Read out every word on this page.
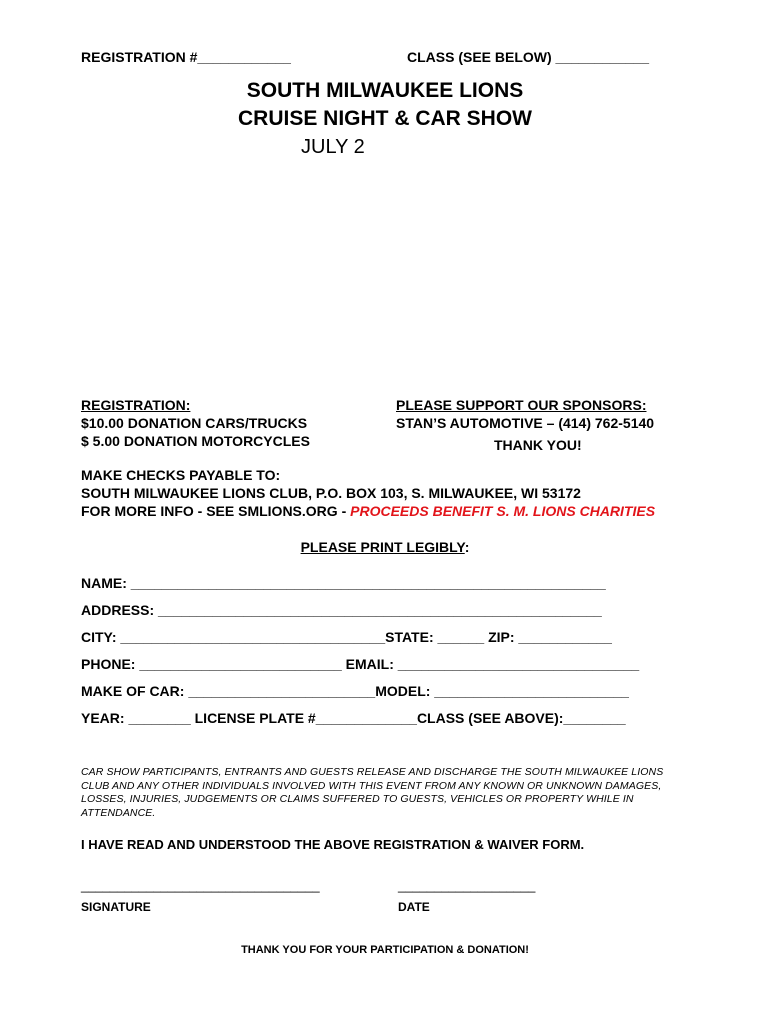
REGISTRATION #____________	CLASS (SEE BELOW) ____________
SOUTH MILWAUKEE LIONS
CRUISE NIGHT & CAR SHOW
JULY 2
REGISTRATION:
$10.00 DONATION CARS/TRUCKS
$ 5.00 DONATION MOTORCYCLES
PLEASE SUPPORT OUR SPONSORS:
STAN’S AUTOMOTIVE – (414) 762-5140
THANK YOU!
MAKE CHECKS PAYABLE TO:
SOUTH MILWAUKEE LIONS CLUB, P.O. BOX 103, S. MILWAUKEE, WI 53172
FOR MORE INFO - SEE SMLIONS.ORG - PROCEEDS BENEFIT S. M. LIONS CHARITIES
PLEASE PRINT LEGIBLY:
NAME: _____________________________________________________________
ADDRESS: _________________________________________________________
CITY: __________________________________STATE: ______ ZIP: ____________
PHONE: __________________________ EMAIL: _______________________________
MAKE OF CAR: ________________________MODEL: _________________________
YEAR: ________ LICENSE PLATE #_____________CLASS (SEE ABOVE):________
CAR SHOW PARTICIPANTS, ENTRANTS AND GUESTS RELEASE AND DISCHARGE THE SOUTH MILWAUKEE LIONS CLUB AND ANY OTHER INDIVIDUALS INVOLVED WITH THIS EVENT FROM ANY KNOWN OR UNKNOWN DAMAGES, LOSSES, INJURIES, JUDGEMENTS OR CLAIMS SUFFERED TO GUESTS, VEHICLES OR PROPERTY WHILE IN ATTENDANCE.
I HAVE READ AND UNDERSTOOD THE ABOVE REGISTRATION & WAIVER FORM.
_________________________________	___________________
SIGNATURE	DATE
THANK YOU FOR YOUR PARTICIPATION & DONATION!
